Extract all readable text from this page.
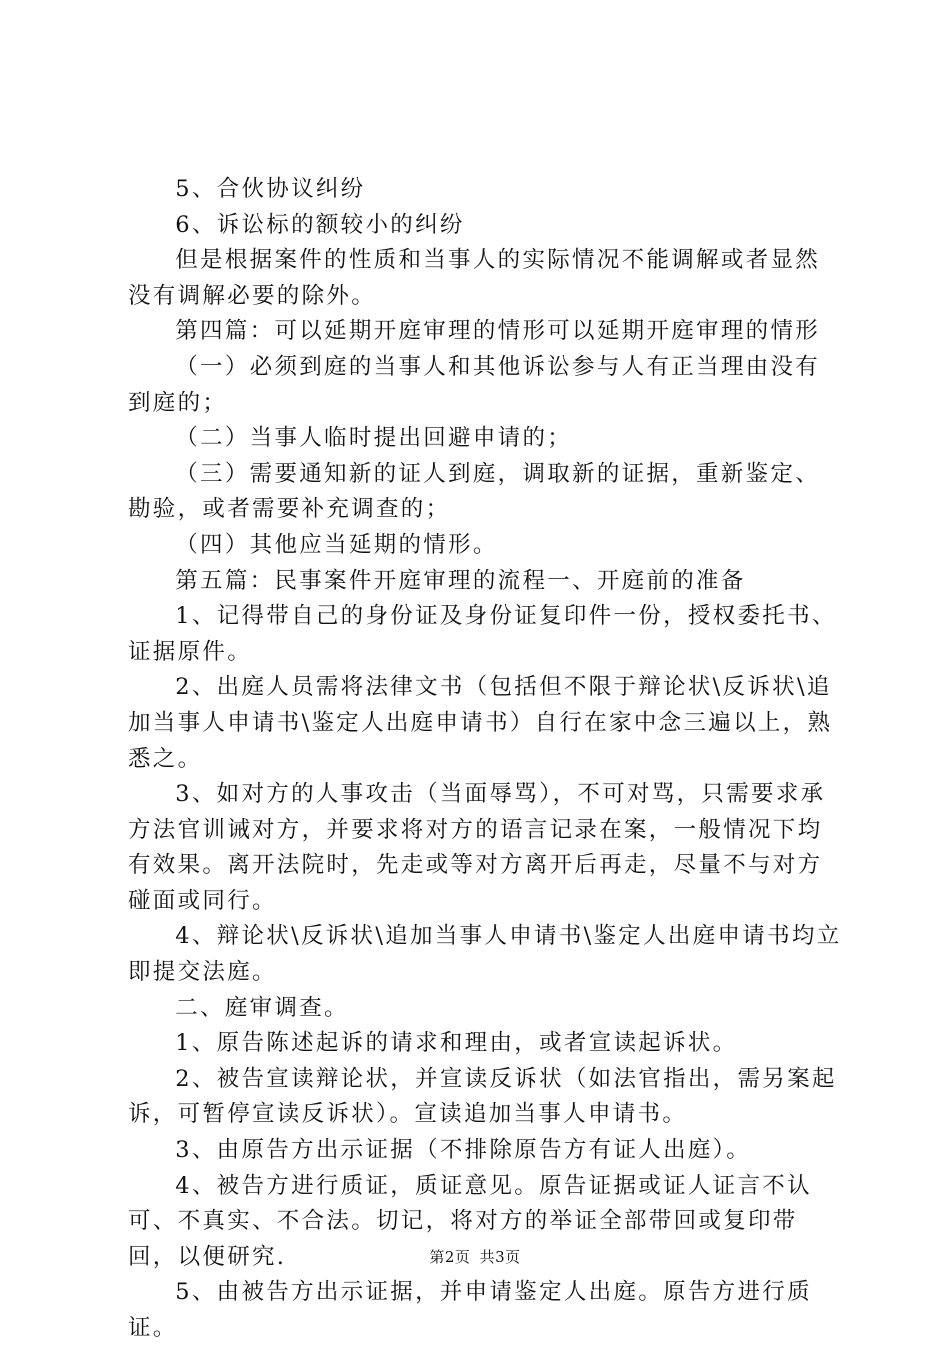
5、合伙协议纠纷

6、诉讼标的额较小的纠纷

但是根据案件的性质和当事人的实际情况不能调解或者显然没有调解必要的除外。

第四篇：可以延期开庭审理的情形可以延期开庭审理的情形

（一）必须到庭的当事人和其他诉讼参与人有正当理由没有到庭的；

（二）当事人临时提出回避申请的；

（三）需要通知新的证人到庭，调取新的证据，重新鉴定、勘验，或者需要补充调查的；

（四）其他应当延期的情形。

第五篇：民事案件开庭审理的流程一、开庭前的准备

1、记得带自己的身份证及身份证复印件一份，授权委托书、证据原件。

2、出庭人员需将法律文书（包括但不限于辩论状\反诉状\追加当事人申请书\鉴定人出庭申请书）自行在家中念三遍以上，熟悉之。

3、如对方的人事攻击（当面辱骂），不可对骂，只需要求承方法官训诫对方，并要求将对方的语言记录在案，一般情况下均有效果。离开法院时，先走或等对方离开后再走，尽量不与对方碰面或同行。

4、辩论状\反诉状\追加当事人申请书\鉴定人出庭申请书均立即提交法庭。

二、庭审调查。

1、原告陈述起诉的请求和理由，或者宣读起诉状。

2、被告宣读辩论状，并宣读反诉状（如法官指出，需另案起诉，可暂停宣读反诉状）。宣读追加当事人申请书。

3、由原告方出示证据（不排除原告方有证人出庭）。

4、被告方进行质证，质证意见。原告证据或证人证言不认可、不真实、不合法。切记，将对方的举证全部带回或复印带回，以便研究.

5、由被告方出示证据，并申请鉴定人出庭。原告方进行质证。

第2页 共3页
